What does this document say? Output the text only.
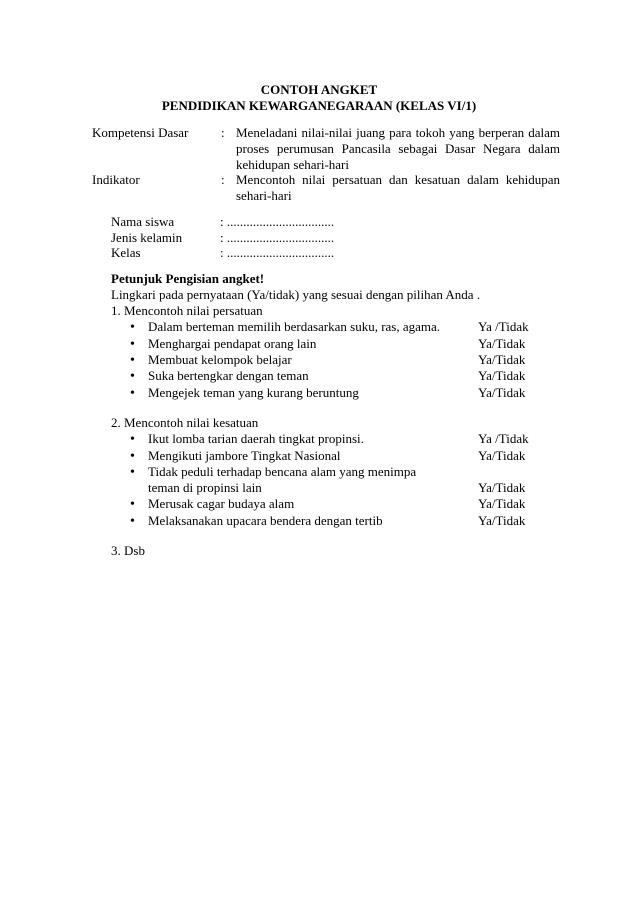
CONTOH ANGKET
PENDIDIKAN KEWARGANEGARAAN (KELAS VI/1)
Kompetensi Dasar	: Meneladani nilai-nilai juang para tokoh yang berperan dalam
proses perumusan Pancasila sebagai Dasar Negara dalam
kehidupan sehari-hari
Indikator	: Mencontoh nilai persatuan dan kesatuan dalam kehidupan
sehari-hari
Nama siswa	: .................................
Jenis kelamin	: .................................
Kelas	: .................................
Petunjuk Pengisian angket!
Lingkari pada pernyataan (Ya/tidak) yang sesuai dengan pilihan Anda .
1. Mencontoh nilai persatuan
• Dalam berteman memilih berdasarkan suku, ras, agama.	Ya /Tidak
• Menghargai pendapat orang lain	Ya/Tidak
• Membuat kelompok belajar	Ya/Tidak
• Suka bertengkar dengan teman	Ya/Tidak
• Mengejek teman yang kurang beruntung	Ya/Tidak
2. Mencontoh nilai kesatuan
• Ikut lomba tarian daerah tingkat propinsi.	Ya /Tidak
• Mengikuti jambore Tingkat Nasional	Ya/Tidak
• Tidak peduli terhadap bencana alam yang menimpa
teman di propinsi lain	Ya/Tidak
• Merusak cagar budaya alam	Ya/Tidak
• Melaksanakan upacara bendera dengan tertib	Ya/Tidak
3. Dsb
